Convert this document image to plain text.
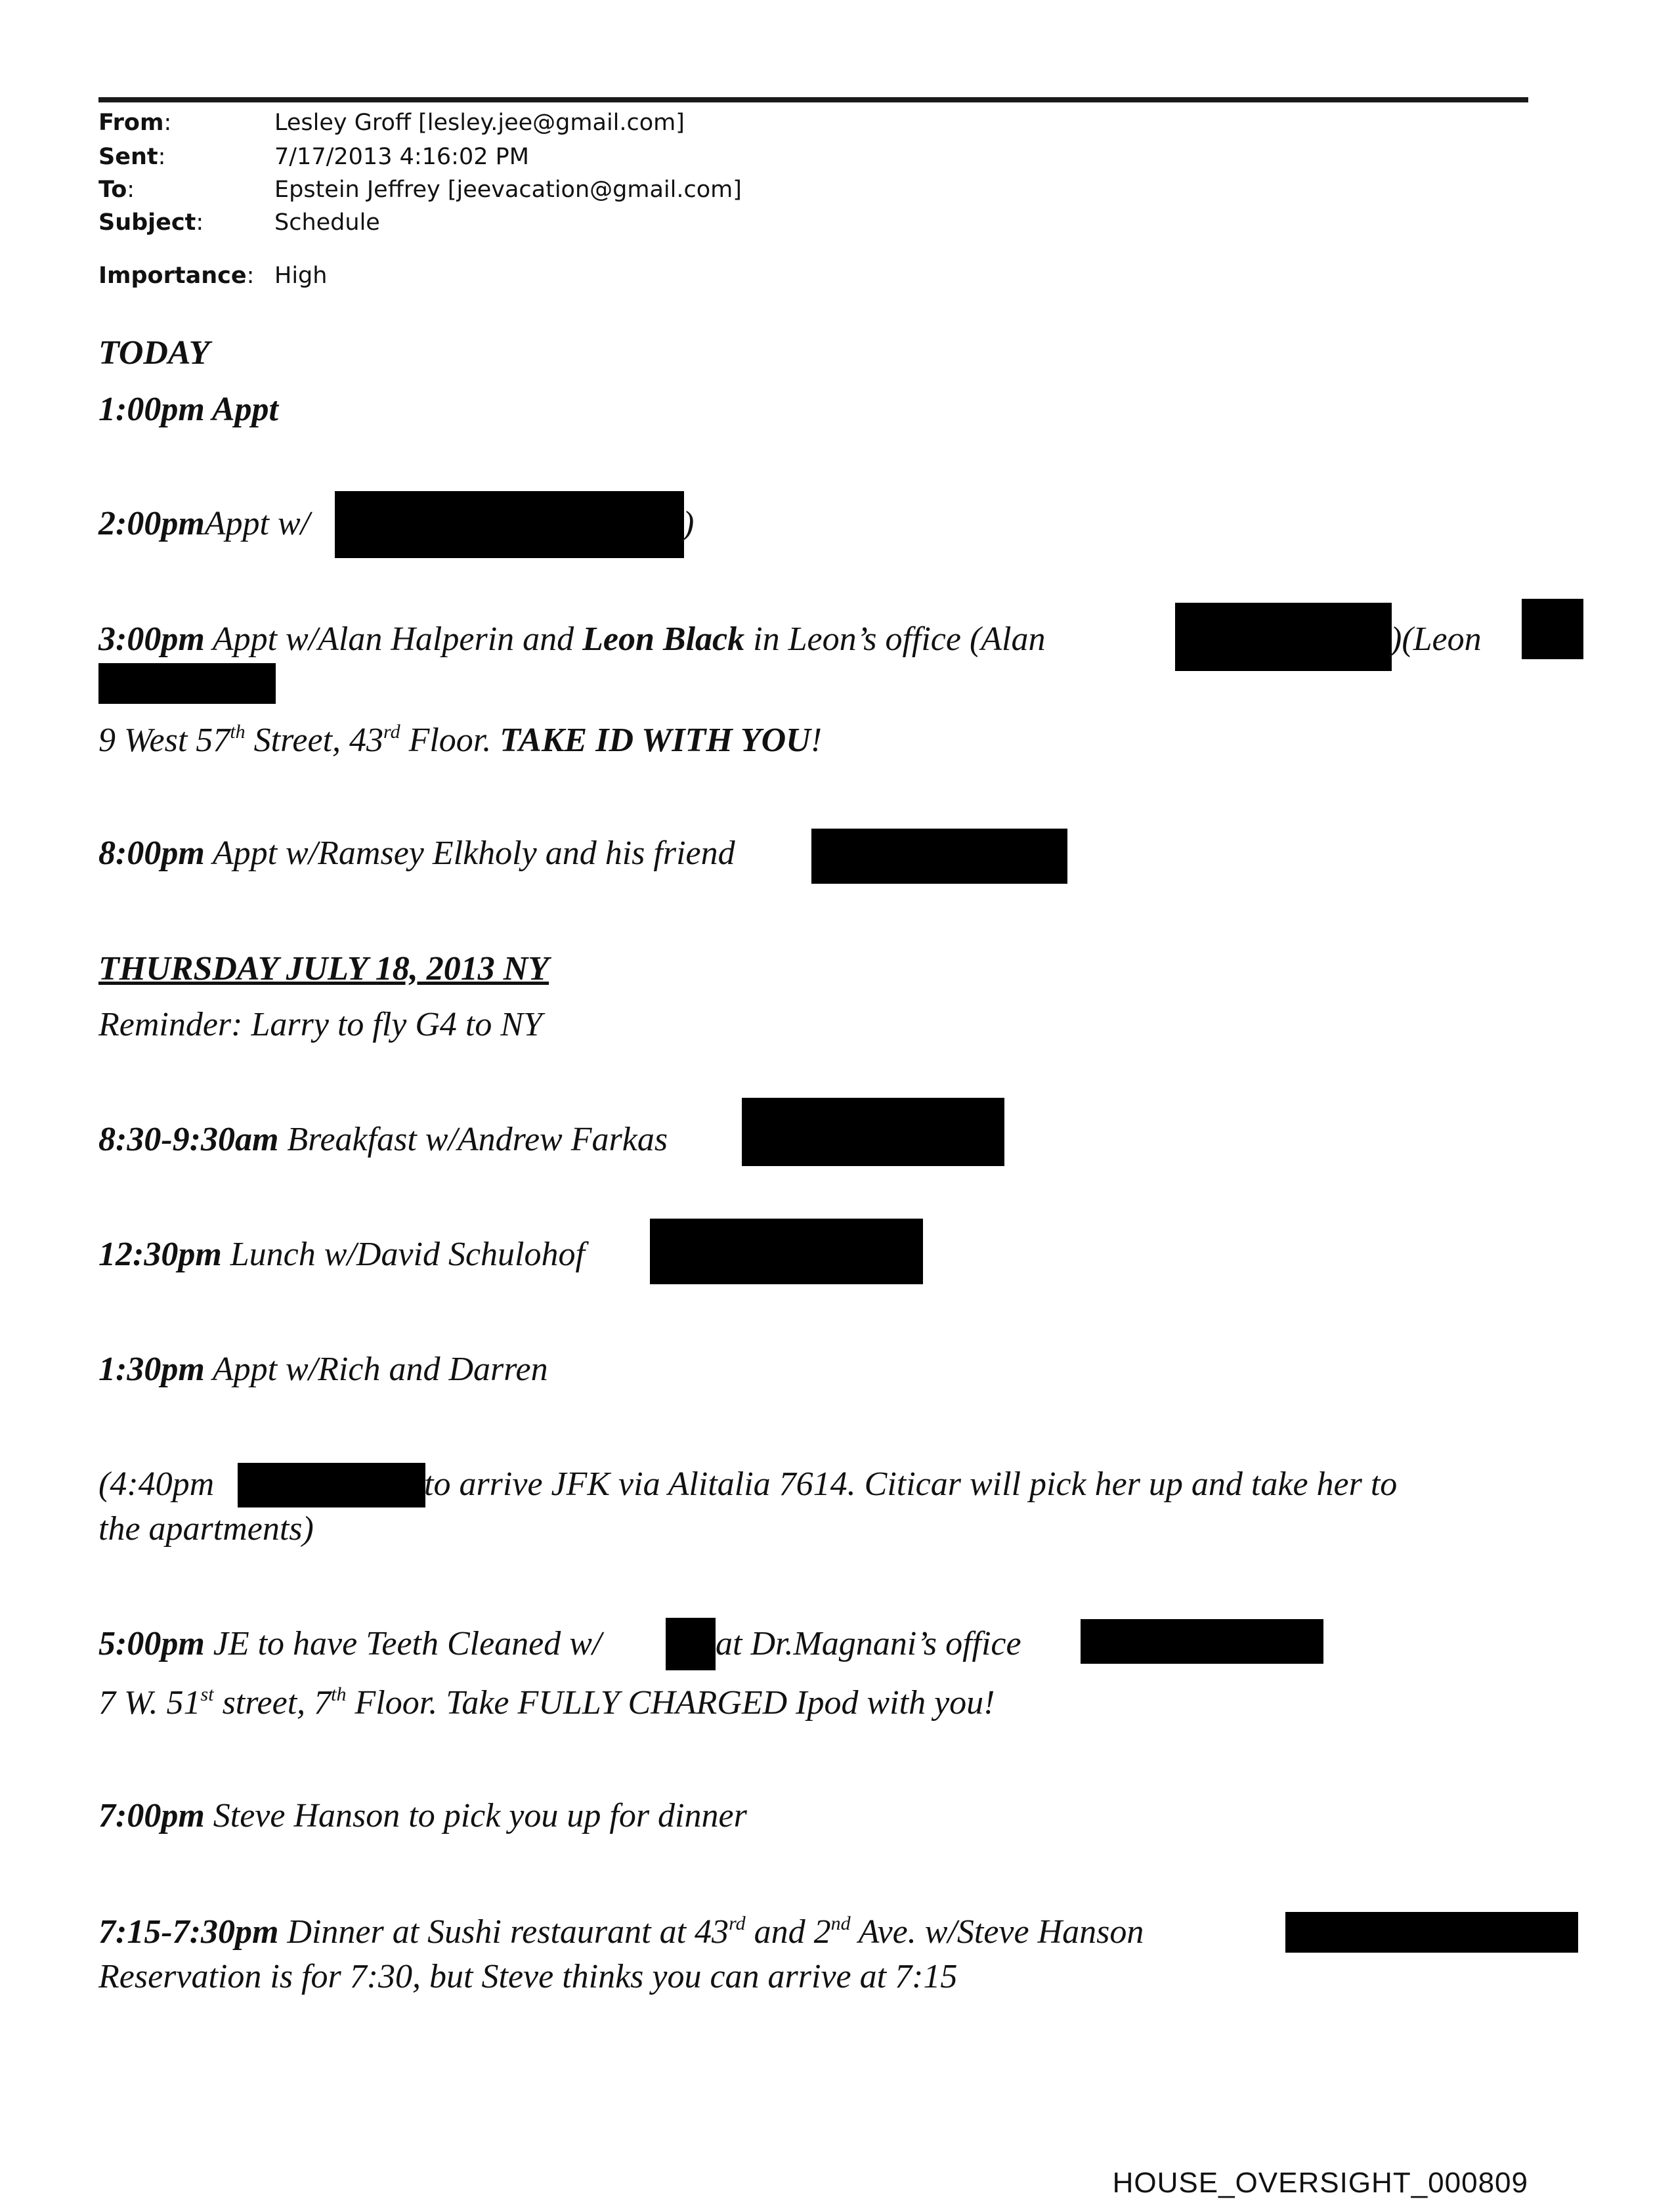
From:	Lesley Groff [lesley.jee@gmail.com]
Sent:	7/17/2013 4:16:02 PM
To:	Epstein Jeffrey [jeevacation@gmail.com]
Subject:	Schedule
Importance: High
TODAY
1:00pm Appt
2:00pmAppt w/	)
3:00pm Appt w/Alan Halperin and Leon Black in Leon’s office (Alan	)(Leon
9 West 57th Street, 43rd Floor. TAKE ID WITH YOU!
8:00pm Appt w/Ramsey Elkholy and his friend
THURSDAY JULY 18, 2013 NY
Reminder: Larry to fly G4 to NY
8:30-9:30am Breakfast w/Andrew Farkas
12:30pm Lunch w/David Schulohof
1:30pm Appt w/Rich and Darren
(4:40pm	to arrive JFK via Alitalia 7614. Citicar will pick her up and take her to
the apartments)
5:00pm JE to have Teeth Cleaned w/	at Dr.Magnani’s office
7 W. 51st street, 7th Floor. Take FULLY CHARGED Ipod with you!
7:00pm Steve Hanson to pick you up for dinner
7:15-7:30pm Dinner at Sushi restaurant at 43rd and 2nd Ave. w/Steve Hanson
Reservation is for 7:30, but Steve thinks you can arrive at 7:15
HOUSE_OVERSIGHT_000809
